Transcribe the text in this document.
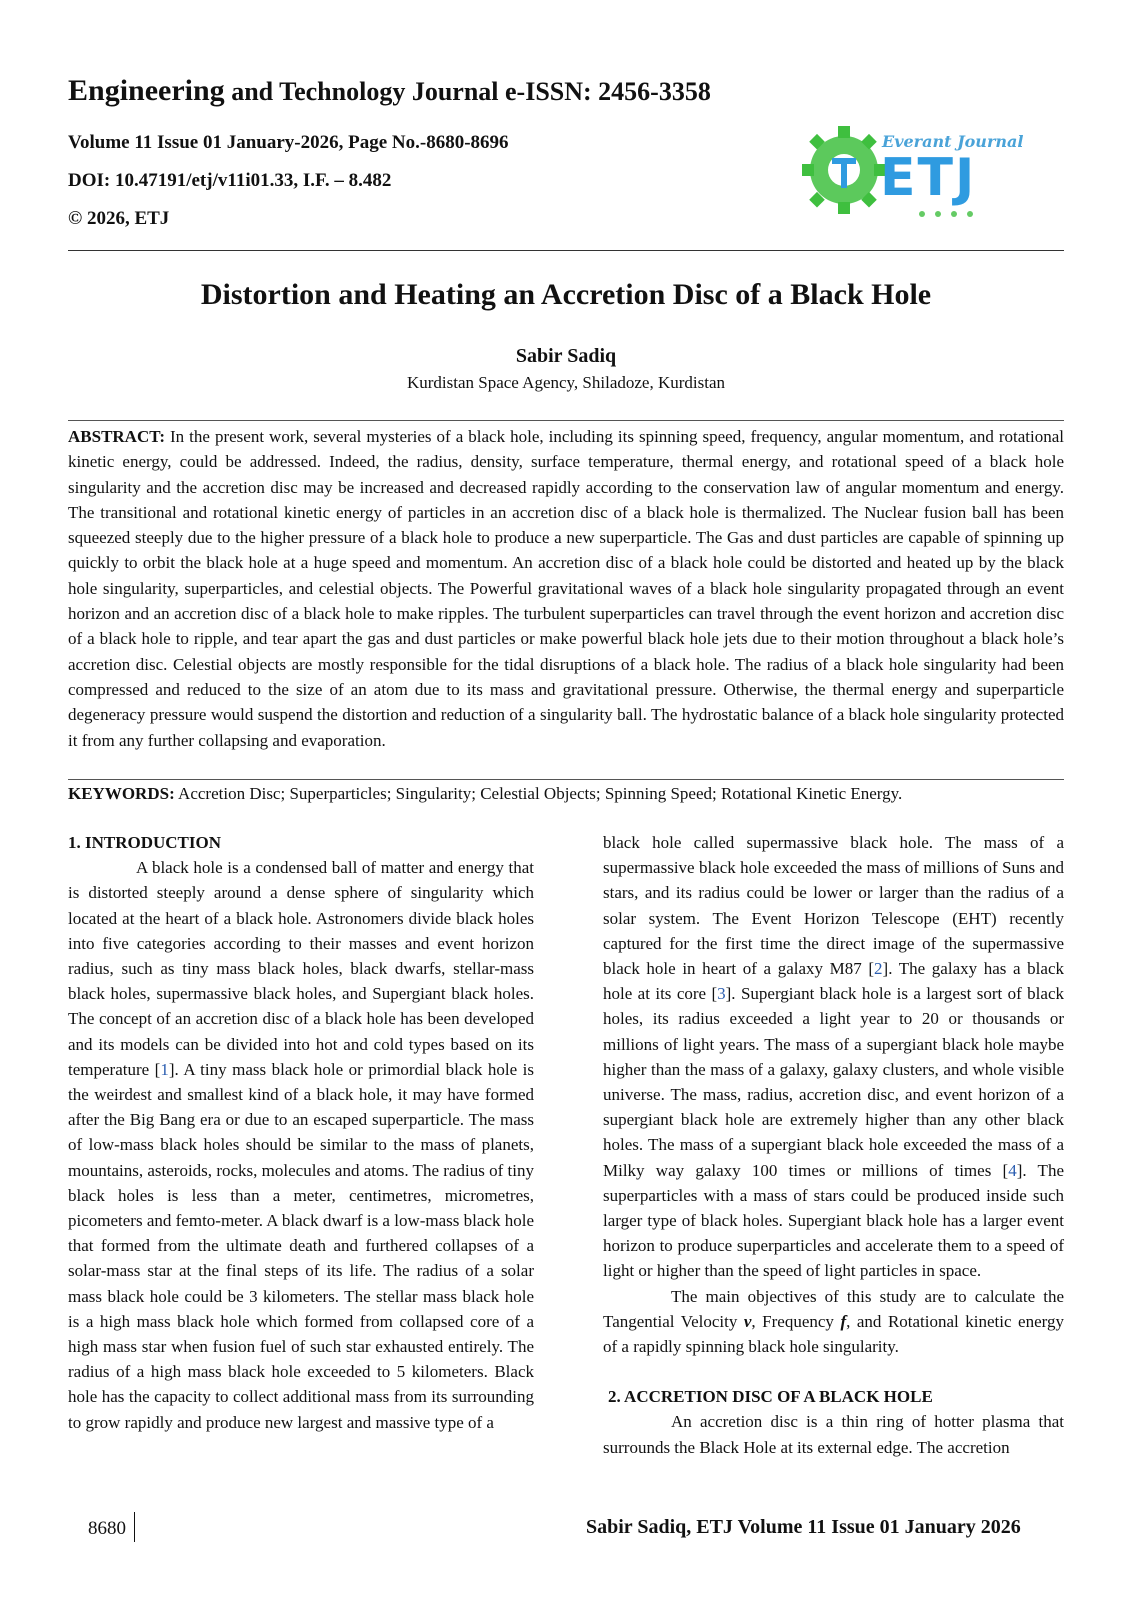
Engineering and Technology Journal e-ISSN: 2456-3358
Volume 11 Issue 01 January-2026, Page No.-8680-8696
DOI: 10.47191/etj/v11i01.33, I.F. – 8.482
© 2026, ETJ
Everant Journal
ETJ
Distortion and Heating an Accretion Disc of a Black Hole
Sabir Sadiq
Kurdistan Space Agency, Shiladoze, Kurdistan
ABSTRACT: In the present work, several mysteries of a black hole, including its spinning speed, frequency, angular momentum, and rotational kinetic energy, could be addressed. Indeed, the radius, density, surface temperature, thermal energy, and rotational speed of a black hole singularity and the accretion disc may be increased and decreased rapidly according to the conservation law of angular momentum and energy. The transitional and rotational kinetic energy of particles in an accretion disc of a black hole is thermalized. The Nuclear fusion ball has been squeezed steeply due to the higher pressure of a black hole to produce a new superparticle. The Gas and dust particles are capable of spinning up quickly to orbit the black hole at a huge speed and momentum. An accretion disc of a black hole could be distorted and heated up by the black hole singularity, superparticles, and celestial objects. The Powerful gravitational waves of a black hole singularity propagated through an event horizon and an accretion disc of a black hole to make ripples. The turbulent superparticles can travel through the event horizon and accretion disc of a black hole to ripple, and tear apart the gas and dust particles or make powerful black hole jets due to their motion throughout a black hole’s accretion disc. Celestial objects are mostly responsible for the tidal disruptions of a black hole. The radius of a black hole singularity had been compressed and reduced to the size of an atom due to its mass and gravitational pressure. Otherwise, the thermal energy and superparticle degeneracy pressure would suspend the distortion and reduction of a singularity ball. The hydrostatic balance of a black hole singularity protected it from any further collapsing and evaporation.
KEYWORDS: Accretion Disc; Superparticles; Singularity; Celestial Objects; Spinning Speed; Rotational Kinetic Energy.

1. INTRODUCTION

A black hole is a condensed ball of matter and energy that is distorted steeply around a dense sphere of singularity which located at the heart of a black hole. Astronomers divide black holes into five categories according to their masses and event horizon radius, such as tiny mass black holes, black dwarfs, stellar-mass black holes, supermassive black holes, and Supergiant black holes. The concept of an accretion disc of a black hole has been developed and its models can be divided into hot and cold types based on its temperature [1]. A tiny mass black hole or primordial black hole is the weirdest and smallest kind of a black hole, it may have formed after the Big Bang era or due to an escaped superparticle. The mass of low-mass black holes should be similar to the mass of planets, mountains, asteroids, rocks, molecules and atoms. The radius of tiny black holes is less than a meter, centimetres, micrometres, picometers and femto-meter. A black dwarf is a low-mass black hole that formed from the ultimate death and furthered collapses of a solar-mass star at the final steps of its life. The radius of a solar mass black hole could be 3 kilometers. The stellar mass black hole is a high mass black hole which formed from collapsed core of a high mass star when fusion fuel of such star exhausted entirely. The radius of a high mass black hole exceeded to 5 kilometers. Black hole has the capacity to collect additional mass from its surrounding to grow rapidly and produce new largest and massive type of a

black hole called supermassive black hole. The mass of a supermassive black hole exceeded the mass of millions of Suns and stars, and its radius could be lower or larger than the radius of a solar system. The Event Horizon Telescope (EHT) recently captured for the first time the direct image of the supermassive black hole in heart of a galaxy M87 [2]. The galaxy has a black hole at its core [3]. Supergiant black hole is a largest sort of black holes, its radius exceeded a light year to 20 or thousands or millions of light years. The mass of a supergiant black hole maybe higher than the mass of a galaxy, galaxy clusters, and whole visible universe. The mass, radius, accretion disc, and event horizon of a supergiant black hole are extremely higher than any other black holes. The mass of a supergiant black hole exceeded the mass of a Milky way galaxy 100 times or millions of times [4]. The superparticles with a mass of stars could be produced inside such larger type of black holes. Supergiant black hole has a larger event horizon to produce superparticles and accelerate them to a speed of light or higher than the speed of light particles in space.

The main objectives of this study are to calculate the Tangential Velocity v, Frequency f, and Rotational kinetic energy of a rapidly spinning black hole singularity.

2. ACCRETION DISC OF A BLACK HOLE

An accretion disc is a thin ring of hotter plasma that surrounds the Black Hole at its external edge. The accretion

8680	Sabir Sadiq, ETJ Volume 11 Issue 01 January 2026
